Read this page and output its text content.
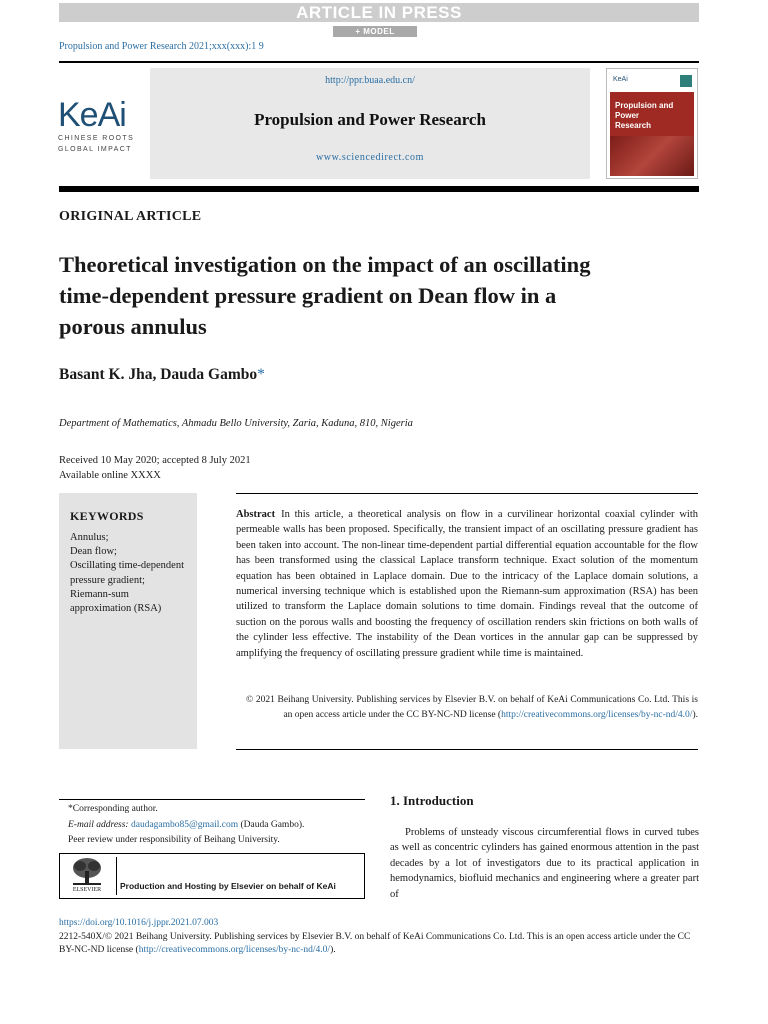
ARTICLE IN PRESS
+ MODEL
Propulsion and Power Research 2021;xxx(xxx):1 9
KeAi
CHINESE ROOTS
GLOBAL IMPACT
http://ppr.buaa.edu.cn/
Propulsion and Power Research
www.sciencedirect.com
KeAi
Propulsion and
Power
Research
ORIGINAL ARTICLE
Theoretical investigation on the impact of an oscillating time-dependent pressure gradient on Dean flow in a porous annulus
Basant K. Jha, Dauda Gambo*
Department of Mathematics, Ahmadu Bello University, Zaria, Kaduna, 810, Nigeria
Received 10 May 2020; accepted 8 July 2021
Available online XXXX
KEYWORDS
Annulus;
Dean flow;
Oscillating time-dependent pressure gradient;
Riemann-sum approximation (RSA)
Abstract In this article, a theoretical analysis on flow in a curvilinear horizontal coaxial cylinder with permeable walls has been proposed. Specifically, the transient impact of an oscillating pressure gradient has been taken into account. The non-linear time-dependent partial differential equation accountable for the flow has been transformed using the classical Laplace transform technique. Exact solution of the momentum equation has been obtained in Laplace domain. Due to the intricacy of the Laplace domain solutions, a numerical inversing technique which is established upon the Riemann-sum approximation (RSA) has been utilized to transform the Laplace domain solutions to time domain. Findings reveal that the outcome of suction on the porous walls and boosting the frequency of oscillation renders skin frictions on both walls of the cylinder less effective. The instability of the Dean vortices in the annular gap can be suppressed by amplifying the frequency of oscillating pressure gradient while time is maintained.
© 2021 Beihang University. Publishing services by Elsevier B.V. on behalf of KeAi Communications Co. Ltd. This is an open access article under the CC BY-NC-ND license (http://creativecommons.org/licenses/by-nc-nd/4.0/).
*Corresponding author.
E-mail address: daudagambo85@gmail.com (Dauda Gambo).
Peer review under responsibility of Beihang University.
ELSEVIER	Production and Hosting by Elsevier on behalf of KeAi
1. Introduction
Problems of unsteady viscous circumferential flows in curved tubes as well as concentric cylinders has gained enormous attention in the past decades by a lot of investigators due to its practical application in hemodynamics, biofluid mechanics and engineering where a greater part of
https://doi.org/10.1016/j.jppr.2021.07.003
2212-540X/© 2021 Beihang University. Publishing services by Elsevier B.V. on behalf of KeAi Communications Co. Ltd. This is an open access article under the CC BY-NC-ND license (http://creativecommons.org/licenses/by-nc-nd/4.0/).
